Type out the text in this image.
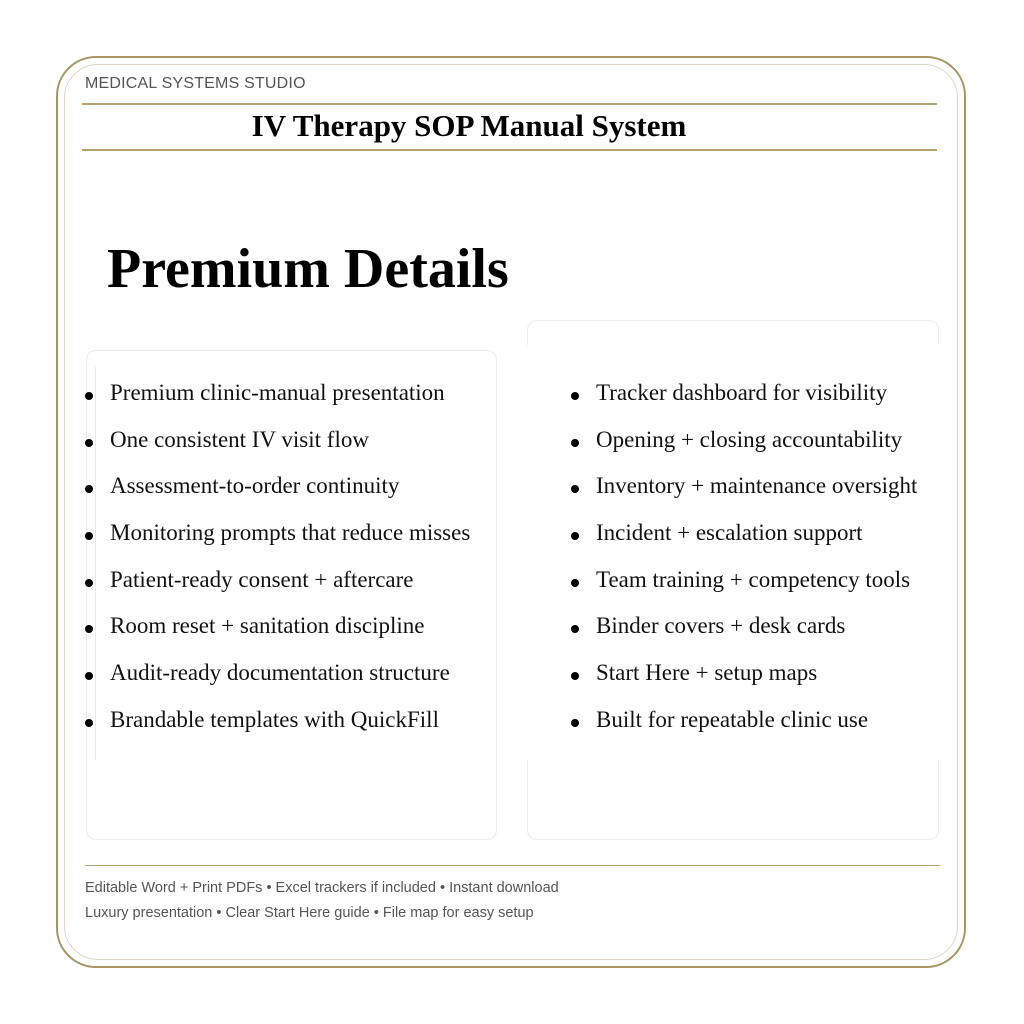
MEDICAL SYSTEMS STUDIO
IV Therapy SOP Manual System
Premium Details
Premium clinic-manual presentation
One consistent IV visit flow
Assessment-to-order continuity
Monitoring prompts that reduce misses
Patient-ready consent + aftercare
Room reset + sanitation discipline
Audit-ready documentation structure
Brandable templates with QuickFill
Tracker dashboard for visibility
Opening + closing accountability
Inventory + maintenance oversight
Incident + escalation support
Team training + competency tools
Binder covers + desk cards
Start Here + setup maps
Built for repeatable clinic use
Editable Word + Print PDFs • Excel trackers if included • Instant download
Luxury presentation • Clear Start Here guide • File map for easy setup
